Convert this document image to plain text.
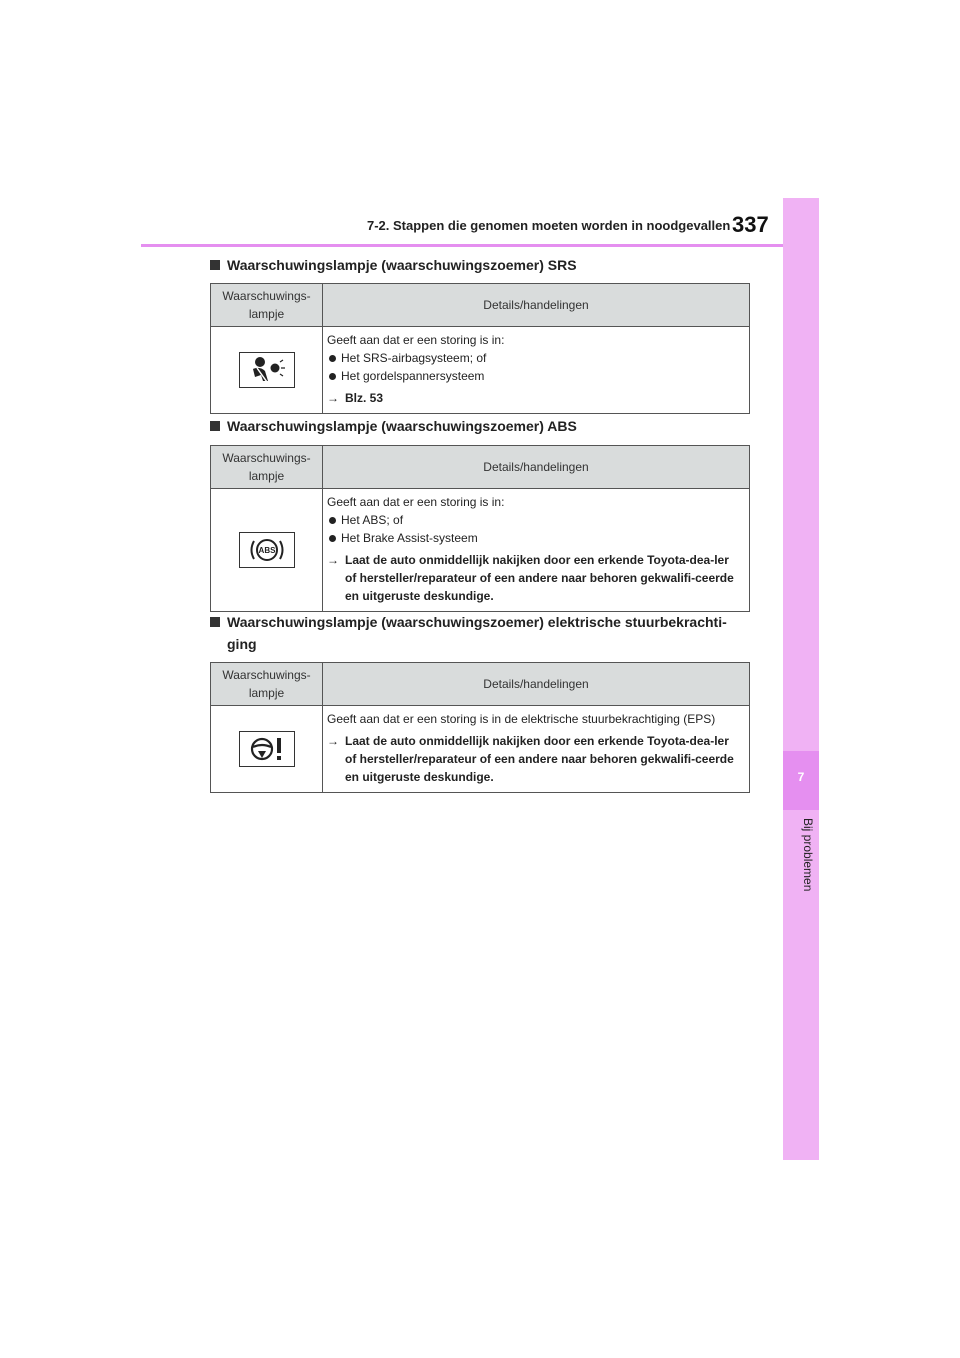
7
Bij problemen
7-2. Stappen die genomen moeten worden in noodgevallen 337
Waarschuwingslampje (waarschuwingszoemer) SRS
Waarschuwings-
lampje	Details/handelingen

Geeft aan dat er een storing is in:
Het SRS-airbagsysteem; of
Het gordelspannersysteem
→ Blz. 53
Waarschuwingslampje (waarschuwingszoemer) ABS
Waarschuwings-
lampje	Details/handelingen

ABS	Geeft aan dat er een storing is in:
Het ABS; of
Het Brake Assist-systeem
→ Laat de auto onmiddellijk nakijken door een erkende Toyota-dea-ler of hersteller/reparateur of een andere naar behoren gekwalifi-ceerde en uitgeruste deskundige.
Waarschuwingslampje (waarschuwingszoemer) elektrische stuurbekrachti-
ging
Waarschuwings-
lampje	Details/handelingen

Geeft aan dat er een storing is in de elektrische stuurbekrachtiging (EPS)
→ Laat de auto onmiddellijk nakijken door een erkende Toyota-dea-ler of hersteller/reparateur of een andere naar behoren gekwalifi-ceerde en uitgeruste deskundige.
